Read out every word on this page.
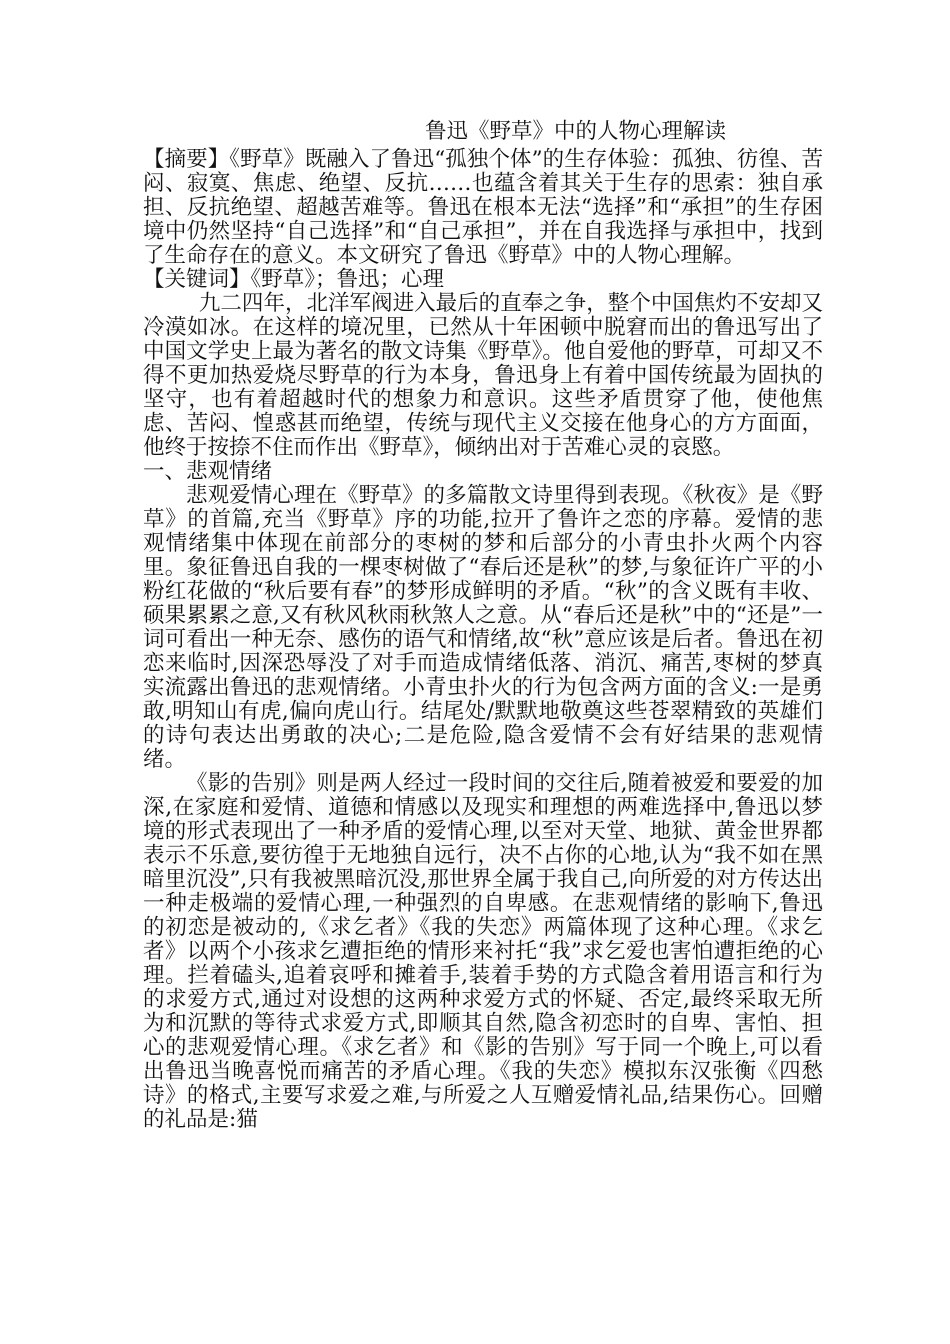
鲁迅《野草》中的人物心理解读

【摘要】《野草》既融入了鲁迅“孤独个体”的生存体验：孤独、彷徨、苦闷、寂寞、焦虑、绝望、反抗……也蕴含着其关于生存的思索：独自承担、反抗绝望、超越苦难等。鲁迅在根本无法“选择”和“承担”的生存困境中仍然坚持“自己选择”和“自己承担”，并在自我选择与承担中，找到了生命存在的意义。本文研究了鲁迅《野草》中的人物心理解。

【关键词】《野草》；鲁迅；心理

九二四年，北洋军阀进入最后的直奉之争，整个中国焦灼不安却又冷漠如冰。在这样的境况里，已然从十年困顿中脱窘而出的鲁迅写出了中国文学史上最为著名的散文诗集《野草》。他自爱他的野草，可却又不得不更加热爱烧尽野草的行为本身，鲁迅身上有着中国传统最为固执的坚守，也有着超越时代的想象力和意识。这些矛盾贯穿了他，使他焦虑、苦闷、惶惑甚而绝望，传统与现代主义交接在他身心的方方面面，他终于按捺不住而作出《野草》，倾纳出对于苦难心灵的哀愍。

一、悲观情绪

悲观爱情心理在《野草》的多篇散文诗里得到表现。《秋夜》是《野草》的首篇,充当《野草》序的功能,拉开了鲁许之恋的序幕。爱情的悲观情绪集中体现在前部分的枣树的梦和后部分的小青虫扑火两个内容里。象征鲁迅自我的一棵枣树做了“春后还是秋”的梦,与象征许广平的小粉红花做的“秋后要有春”的梦形成鲜明的矛盾。“秋”的含义既有丰收、硕果累累之意,又有秋风秋雨秋煞人之意。从“春后还是秋”中的“还是”一词可看出一种无奈、感伤的语气和情绪,故“秋”意应该是后者。鲁迅在初恋来临时,因深恐辱没了对手而造成情绪低落、消沉、痛苦,枣树的梦真实流露出鲁迅的悲观情绪。小青虫扑火的行为包含两方面的含义:一是勇敢,明知山有虎,偏向虎山行。结尾处/默默地敬奠这些苍翠精致的英雄们的诗句表达出勇敢的决心;二是危险,隐含爱情不会有好结果的悲观情绪。

《影的告别》则是两人经过一段时间的交往后,随着被爱和要爱的加深,在家庭和爱情、道德和情感以及现实和理想的两难选择中,鲁迅以梦境的形式表现出了一种矛盾的爱情心理,以至对天堂、地狱、黄金世界都表示不乐意,要彷徨于无地独自远行，决不占你的心地,认为“我不如在黑暗里沉没”,只有我被黑暗沉没,那世界全属于我自己,向所爱的对方传达出一种走极端的爱情心理,一种强烈的自卑感。在悲观情绪的影响下,鲁迅的初恋是被动的,《求乞者》《我的失恋》两篇体现了这种心理。《求乞者》以两个小孩求乞遭拒绝的情形来衬托“我”求乞爱也害怕遭拒绝的心理。拦着磕头,追着哀呼和摊着手,装着手势的方式隐含着用语言和行为的求爱方式,通过对设想的这两种求爱方式的怀疑、否定,最终采取无所为和沉默的等待式求爱方式,即顺其自然,隐含初恋时的自卑、害怕、担心的悲观爱情心理。《求乞者》和《影的告别》写于同一个晚上,可以看出鲁迅当晚喜悦而痛苦的矛盾心理。《我的失恋》模拟东汉张衡《四愁诗》的格式,主要写求爱之难,与所爱之人互赠爱情礼品,结果伤心。回赠的礼品是:猫
